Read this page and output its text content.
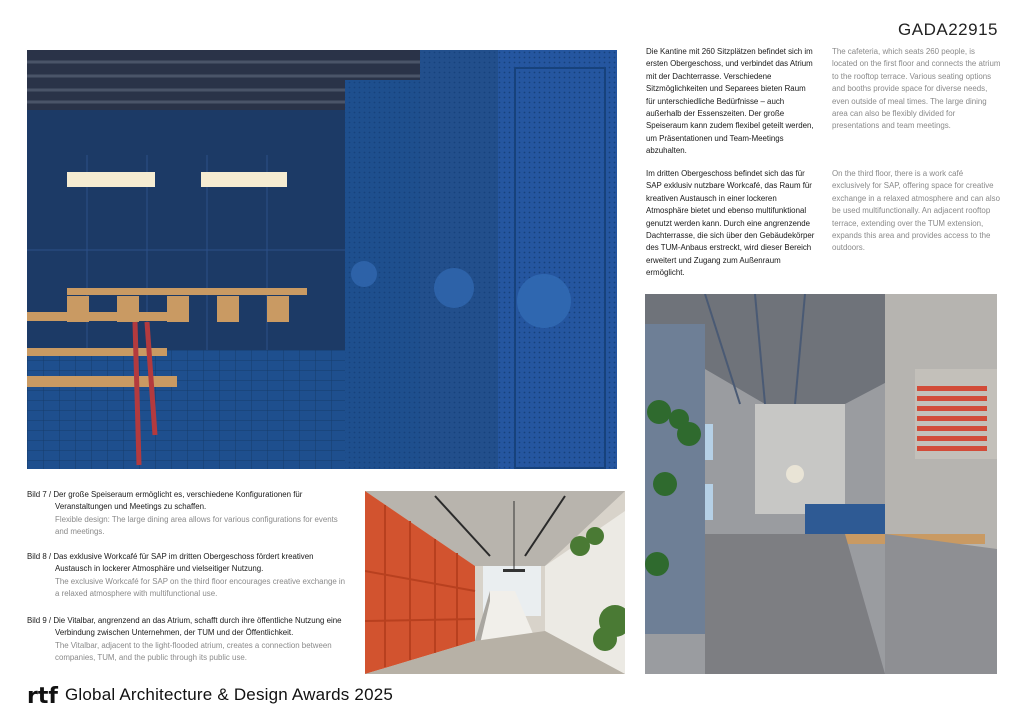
GADA22915
Die Kantine mit 260 Sitzplätzen befindet sich im ersten Obergeschoss, und verbindet das Atrium mit der Dachterrasse. Verschiedene Sitzmöglichkeiten und Separees bieten Raum für unterschiedliche Bedürfnisse – auch außerhalb der Essenszeiten. Der große Speiseraum kann zudem flexibel geteilt werden, um Präsentationen und Team-Meetings abzuhalten.
Im dritten Obergeschoss befindet sich das für SAP exklusiv nutzbare Workcafé, das Raum für kreativen Austausch in einer lockeren Atmosphäre bietet und ebenso multifunktional genutzt werden kann. Durch eine angrenzende Dachterrasse, die sich über den Gebäudekörper des TUM-Anbaus erstreckt, wird dieser Bereich erweitert und Zugang zum Außenraum ermöglicht.
The cafeteria, which seats 260 people, is located on the first floor and connects the atrium to the rooftop terrace. Various seating options and booths provide space for diverse needs, even outside of meal times. The large dining area can also be flexibly divided for presentations and team meetings.
On the third floor, there is a work café exclusively for SAP, offering space for creative exchange in a relaxed atmosphere and can also be used multifunctionally. An adjacent rooftop terrace, extending over the TUM extension, expands this area and provides access to the outdoors.
Bild 7 / Der große Speiseraum ermöglicht es, verschiedene Konfigurationen für Veranstaltungen und Meetings zu schaffen.
Flexible design: The large dining area allows for various configurations for events and meetings.
Bild 8 / Das exklusive Workcafé für SAP im dritten Obergeschoss fördert kreativen Austausch in lockerer Atmosphäre und vielseitiger Nutzung.
The exclusive Workcafé for SAP on the third floor encourages creative exchange in a relaxed atmosphere with multifunctional use.
Bild 9 / Die Vitalbar, angrenzend an das Atrium, schafft durch ihre öffentliche Nutzung eine Verbindung zwischen Unternehmen, der TUM und der Öffentlichkeit.
The Vitalbar, adjacent to the light-flooded atrium, creates a connection between companies, TUM, and the public through its public use.
rtf Global Architecture & Design Awards 2025
